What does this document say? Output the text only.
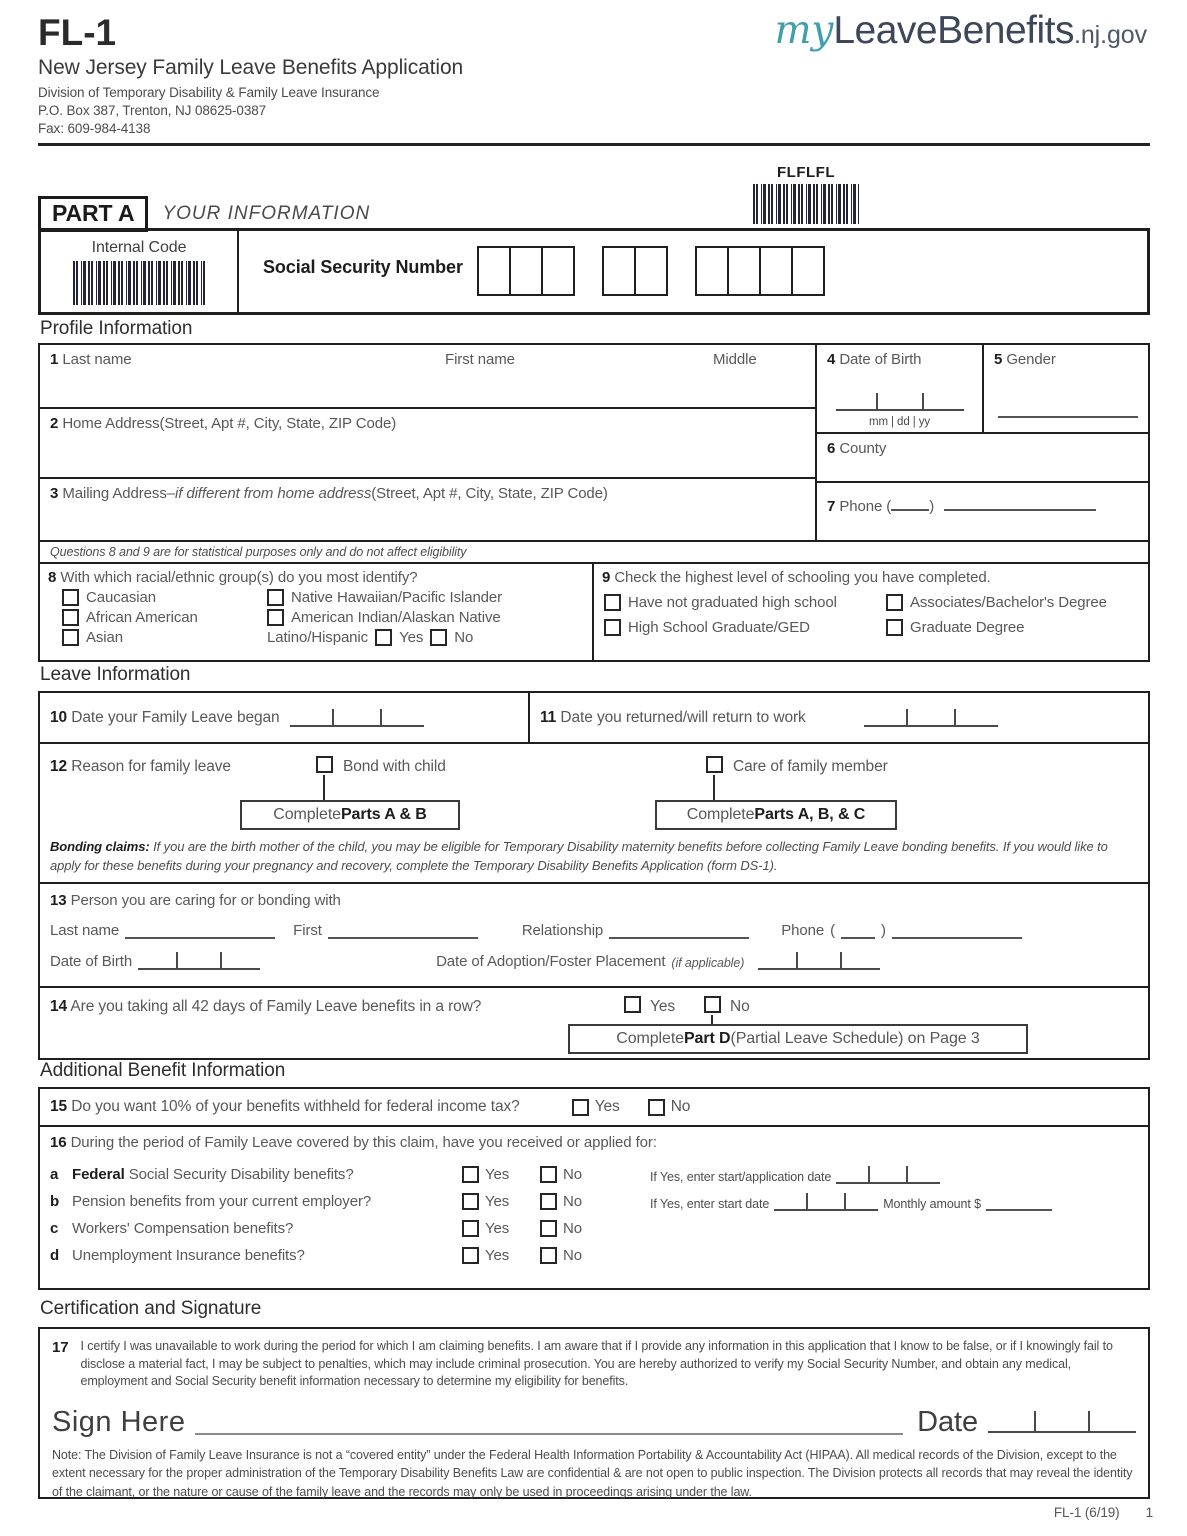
FL-1
New Jersey Family Leave Benefits Application
Division of Temporary Disability & Family Leave Insurance
P.O. Box 387, Trenton, NJ 08625-0387
Fax: 609-984-4138
my LeaveBenefits .nj.gov
FLFLFL
PART A	YOUR INFORMATION
Internal Code
Social Security Number
Profile Information
1 Last name	First name	Middle
2 Home Address(Street, Apt #, City, State, ZIP Code)
3 Mailing Address–if different from home address(Street, Apt #, City, State, ZIP Code)
4 Date of Birth
mm | dd | yy
5 Gender
6 County
7 Phone (	)
Questions 8 and 9 are for statistical purposes only and do not affect eligibility
8 With which racial/ethnic group(s) do you most identify?
Caucasian	Native Hawaiian/Pacific Islander
African American	American Indian/Alaskan Native
Asian	Latino/Hispanic Yes No
9 Check the highest level of schooling you have completed.
Have not graduated high school	Associates/Bachelor's Degree
High School Graduate/GED	Graduate Degree
Leave Information
10 Date your Family Leave began	11 Date you returned/will return to work
12 Reason for family leave	Bond with child
Complete Parts A & B
Care of family member
Complete Parts A, B, & C

Bonding claims: If you are the birth mother of the child, you may be eligible for Temporary Disability maternity benefits before collecting Family Leave bonding benefits. If you would like to apply for these benefits during your pregnancy and recovery, complete the Temporary Disability Benefits Application (form DS-1).

13 Person you are caring for or bonding with
Last name	First	Relationship	Phone (	)
Date of Birth	Date of Adoption/Foster Placement (if applicable)
14 Are you taking all 42 days of Family Leave benefits in a row?	Yes	No
Complete Part D (Partial Leave Schedule) on Page 3
Additional Benefit Information
15 Do you want 10% of your benefits withheld for federal income tax?	Yes	No
16 During the period of Family Leave covered by this claim, have you received or applied for:
a Federal Social Security Disability benefits?	Yes	No	If Yes, enter start/application date
b Pension benefits from your current employer?	Yes	No	If Yes, enter start date	Monthly amount $
c Workers' Compensation benefits?	Yes	No
d Unemployment Insurance benefits?	Yes	No
Certification and Signature
17 I certify I was unavailable to work during the period for which I am claiming benefits. I am aware that if I provide any information in this application that I know to be false, or if I knowingly fail to disclose a material fact, I may be subject to penalties, which may include criminal prosecution. You are hereby authorized to verify my Social Security Number, and obtain any medical, employment and Social Security benefit information necessary to determine my eligibility for benefits.

Sign Here	Date

Note: The Division of Family Leave Insurance is not a “covered entity” under the Federal Health Information Portability & Accountability Act (HIPAA). All medical records of the Division, except to the extent necessary for the proper administration of the Temporary Disability Benefits Law are confidential & are not open to public inspection. The Division protects all records that may reveal the identity of the claimant, or the nature or cause of the family leave and the records may only be used in proceedings arising under the law.

FL-1 (6/19) 1
